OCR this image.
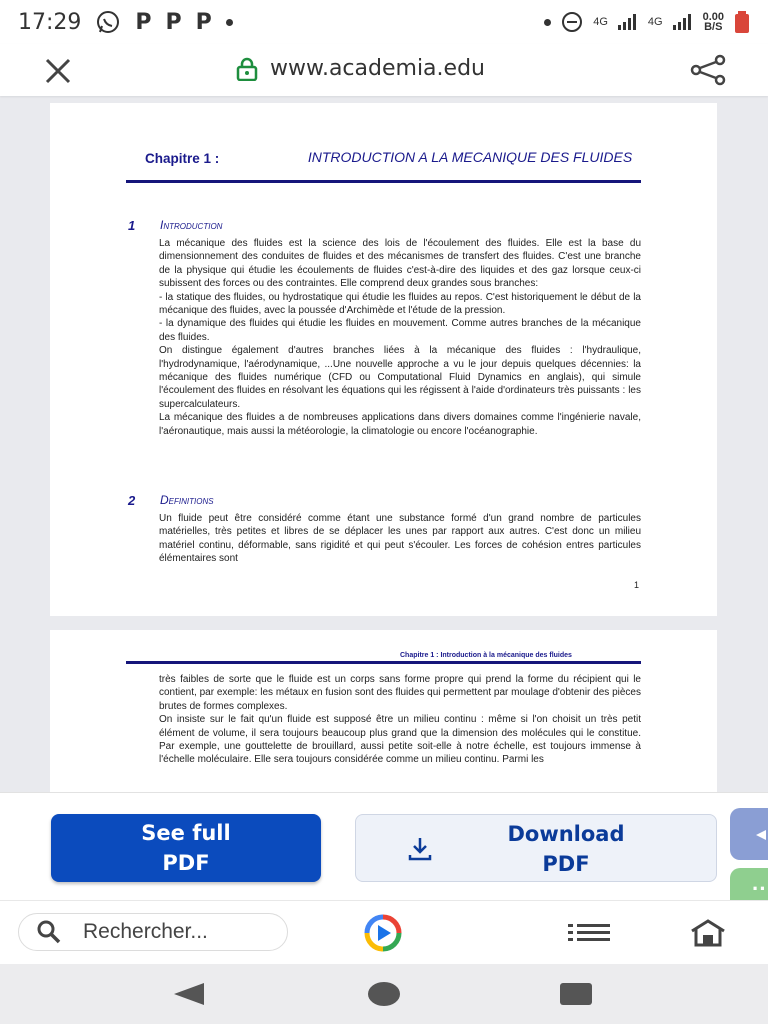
17:29 P P P	4G	4G	0.00
B/S
www.academia.edu
Chapitre 1 :	INTRODUCTION A LA MECANIQUE DES FLUIDES
1 Introduction

La mécanique des fluides est la science des lois de l'écoulement des fluides. Elle est la base du dimensionnement des conduites de fluides et des mécanismes de transfert des fluides. C'est une branche de la physique qui étudie les écoulements de fluides c'est-à-dire des liquides et des gaz lorsque ceux-ci subissent des forces ou des contraintes. Elle comprend deux grandes sous branches:

- la statique des fluides, ou hydrostatique qui étudie les fluides au repos. C'est historiquement le début de la mécanique des fluides, avec la poussée d'Archimède et l'étude de la pression.

- la dynamique des fluides qui étudie les fluides en mouvement. Comme autres branches de la mécanique des fluides.

On distingue également d'autres branches liées à la mécanique des fluides : l'hydraulique, l'hydrodynamique, l'aérodynamique, ...Une nouvelle approche a vu le jour depuis quelques décennies: la mécanique des fluides numérique (CFD ou Computational Fluid Dynamics en anglais), qui simule l'écoulement des fluides en résolvant les équations qui les régissent à l'aide d'ordinateurs très puissants : les supercalculateurs.

La mécanique des fluides a de nombreuses applications dans divers domaines comme l'ingénierie navale, l'aéronautique, mais aussi la météorologie, la climatologie ou encore l'océanographie.

2 Definitions

Un fluide peut être considéré comme étant une substance formé d'un grand nombre de particules matérielles, très petites et libres de se déplacer les unes par rapport aux autres. C'est donc un milieu matériel continu, déformable, sans rigidité et qui peut s'écouler. Les forces de cohésion entres particules élémentaires sont

1
Chapitre 1 : Introduction à la mécanique des fluides

très faibles de sorte que le fluide est un corps sans forme propre qui prend la forme du récipient qui le contient, par exemple: les métaux en fusion sont des fluides qui permettent par moulage d'obtenir des pièces brutes de formes complexes.

On insiste sur le fait qu'un fluide est supposé être un milieu continu : même si l'on choisit un très petit élément de volume, il sera toujours beaucoup plus grand que la dimension des molécules qui le constitue. Par exemple, une gouttelette de brouillard, aussi petite soit-elle à notre échelle, est toujours immense à l'échelle moléculaire. Elle sera toujours considérée comme un milieu continu. Parmi les

See full
PDF
Download
PDF
··
Rechercher...
